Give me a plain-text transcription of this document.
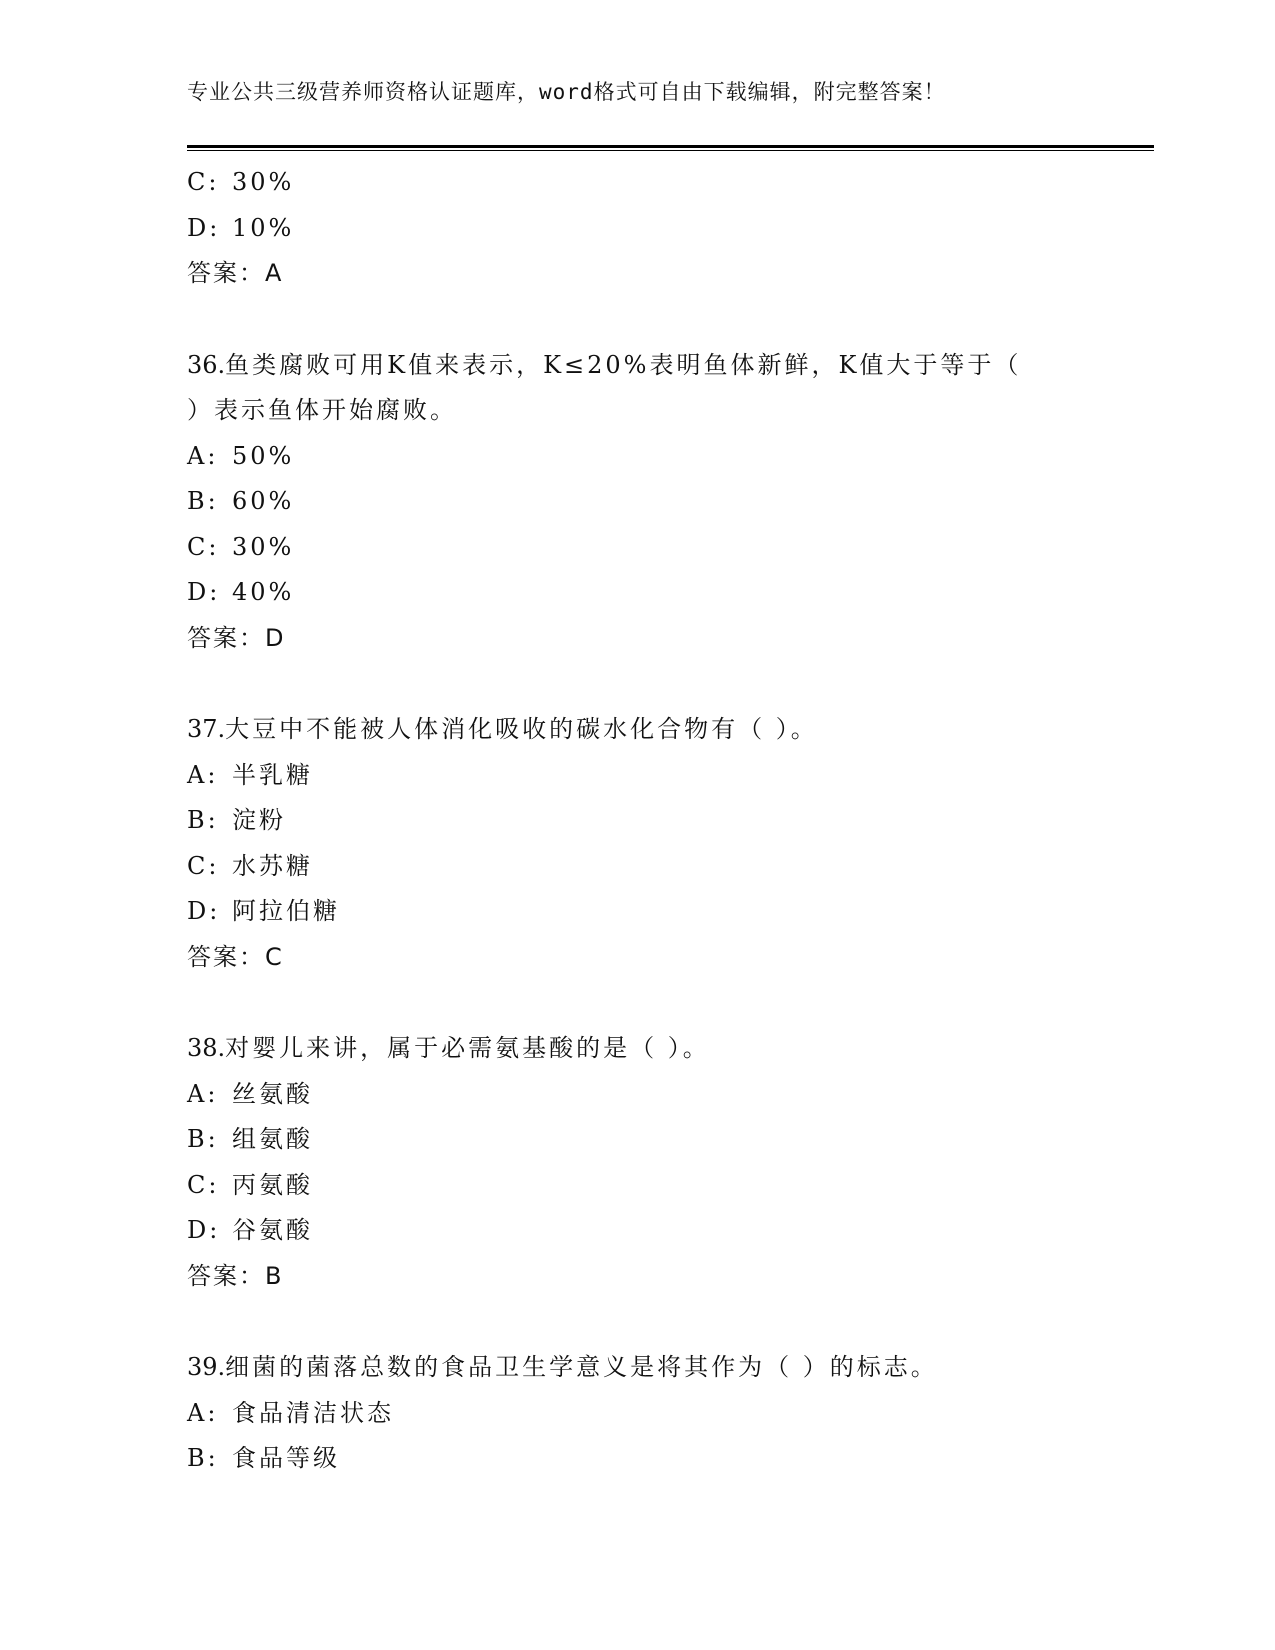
专业公共三级营养师资格认证题库，word格式可自由下载编辑，附完整答案！
C: 30%
D: 10%
答案：A
36.鱼类腐败可用K值来表示，K≤20%表明鱼体新鲜，K值大于等于（
）表示鱼体开始腐败。
A: 50%
B: 60%
C: 30%
D: 40%
答案：D
37.大豆中不能被人体消化吸收的碳水化合物有（ ）。
A: 半乳糖
B: 淀粉
C: 水苏糖
D: 阿拉伯糖
答案：C
38.对婴儿来讲，属于必需氨基酸的是（ ）。
A: 丝氨酸
B: 组氨酸
C: 丙氨酸
D: 谷氨酸
答案：B
39.细菌的菌落总数的食品卫生学意义是将其作为（ ）的标志。
A: 食品清洁状态
B: 食品等级
